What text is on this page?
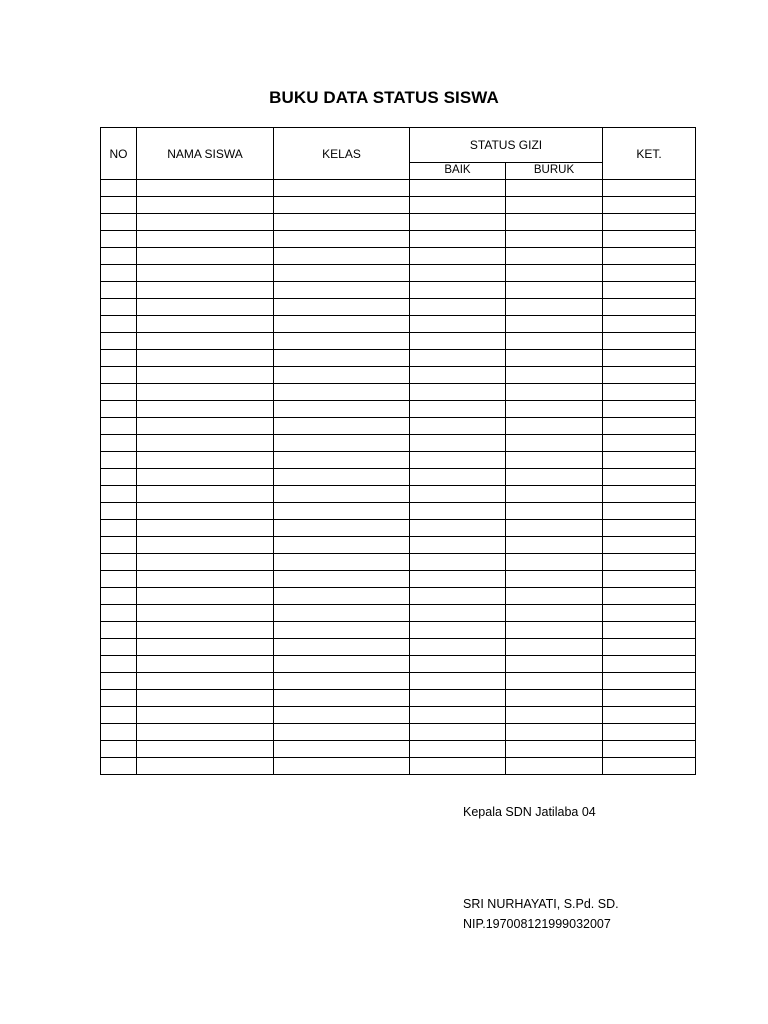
BUKU DATA STATUS SISWA
NO	NAMA SISWA	KELAS	STATUS GIZI		KET.
			BAIK	BURUK	

Kepala SDN Jatilaba 04
SRI NURHAYATI, S.Pd. SD.
NIP.197008121999032007
